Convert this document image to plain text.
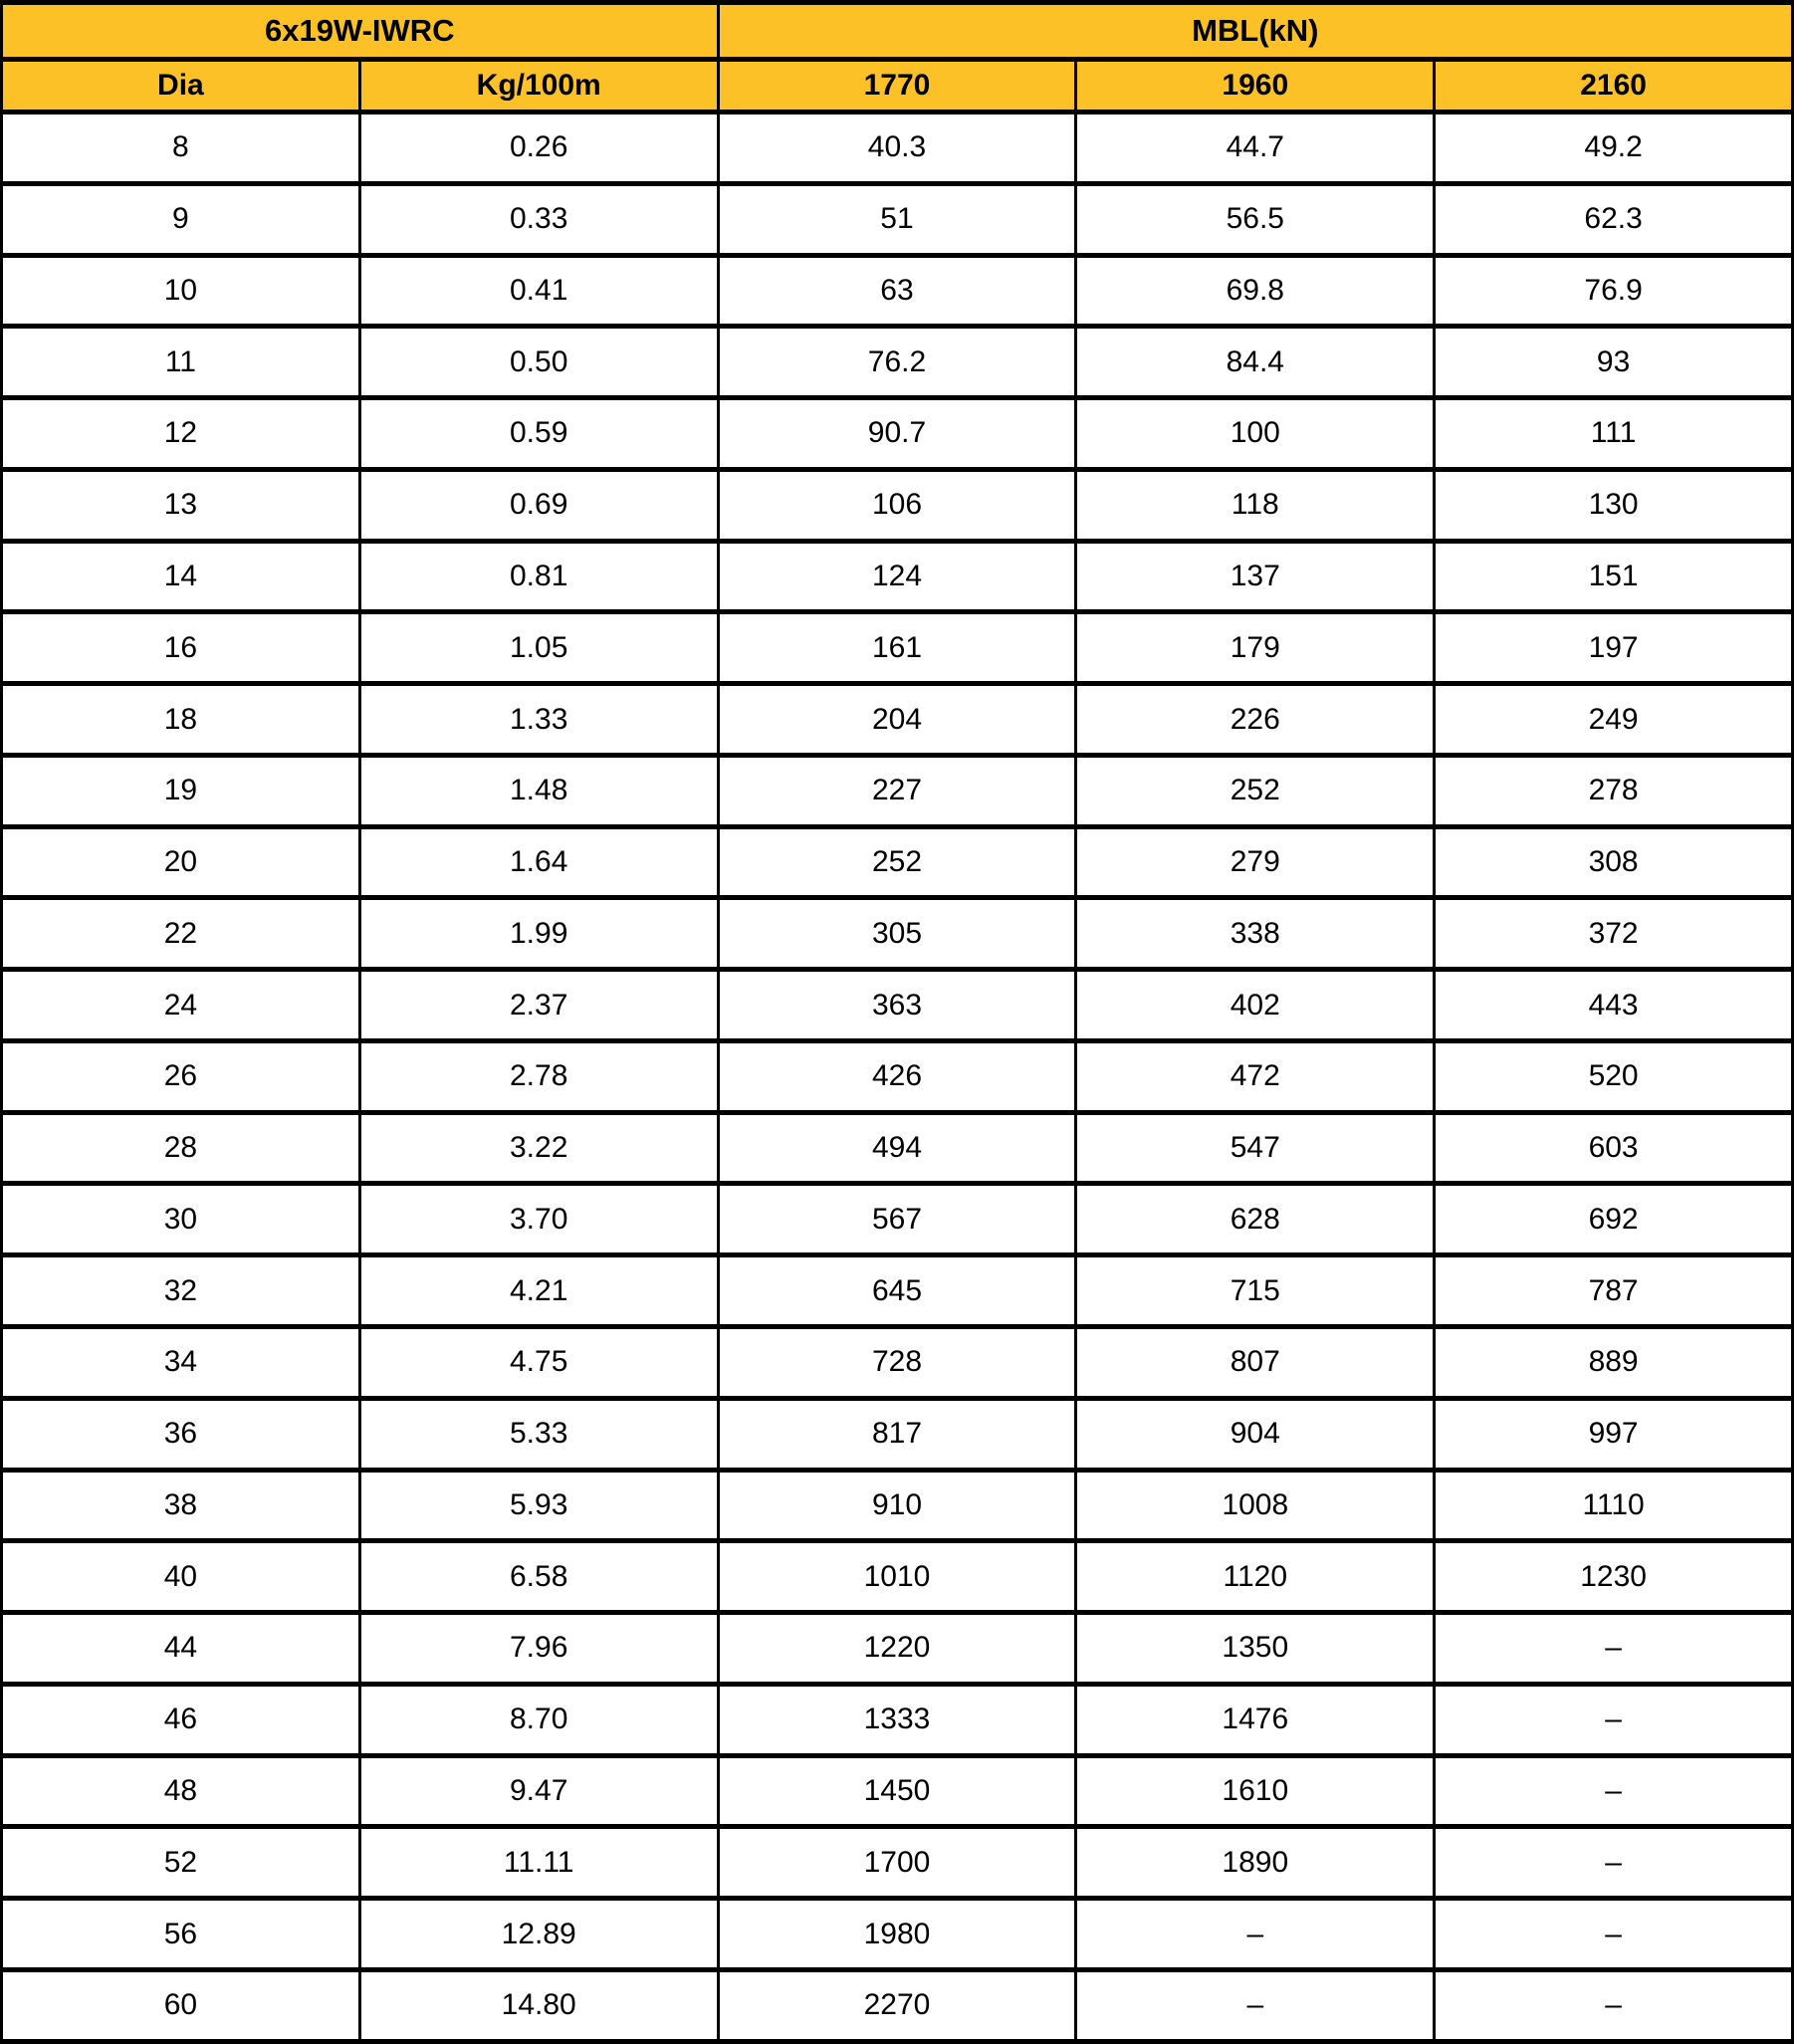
6x19W-IWRC		MBL(kN)		
Dia	Kg/100m	1770	1960	2160
8	0.26	40.3	44.7	49.2
9	0.33	51	56.5	62.3
10	0.41	63	69.8	76.9
11	0.50	76.2	84.4	93
12	0.59	90.7	100	111
13	0.69	106	118	130
14	0.81	124	137	151
16	1.05	161	179	197
18	1.33	204	226	249
19	1.48	227	252	278
20	1.64	252	279	308
22	1.99	305	338	372
24	2.37	363	402	443
26	2.78	426	472	520
28	3.22	494	547	603
30	3.70	567	628	692
32	4.21	645	715	787
34	4.75	728	807	889
36	5.33	817	904	997
38	5.93	910	1008	1110
40	6.58	1010	1120	1230
44	7.96	1220	1350	–
46	8.70	1333	1476	–
48	9.47	1450	1610	–
52	11.11	1700	1890	–
56	12.89	1980	–	–
60	14.80	2270	–	–
